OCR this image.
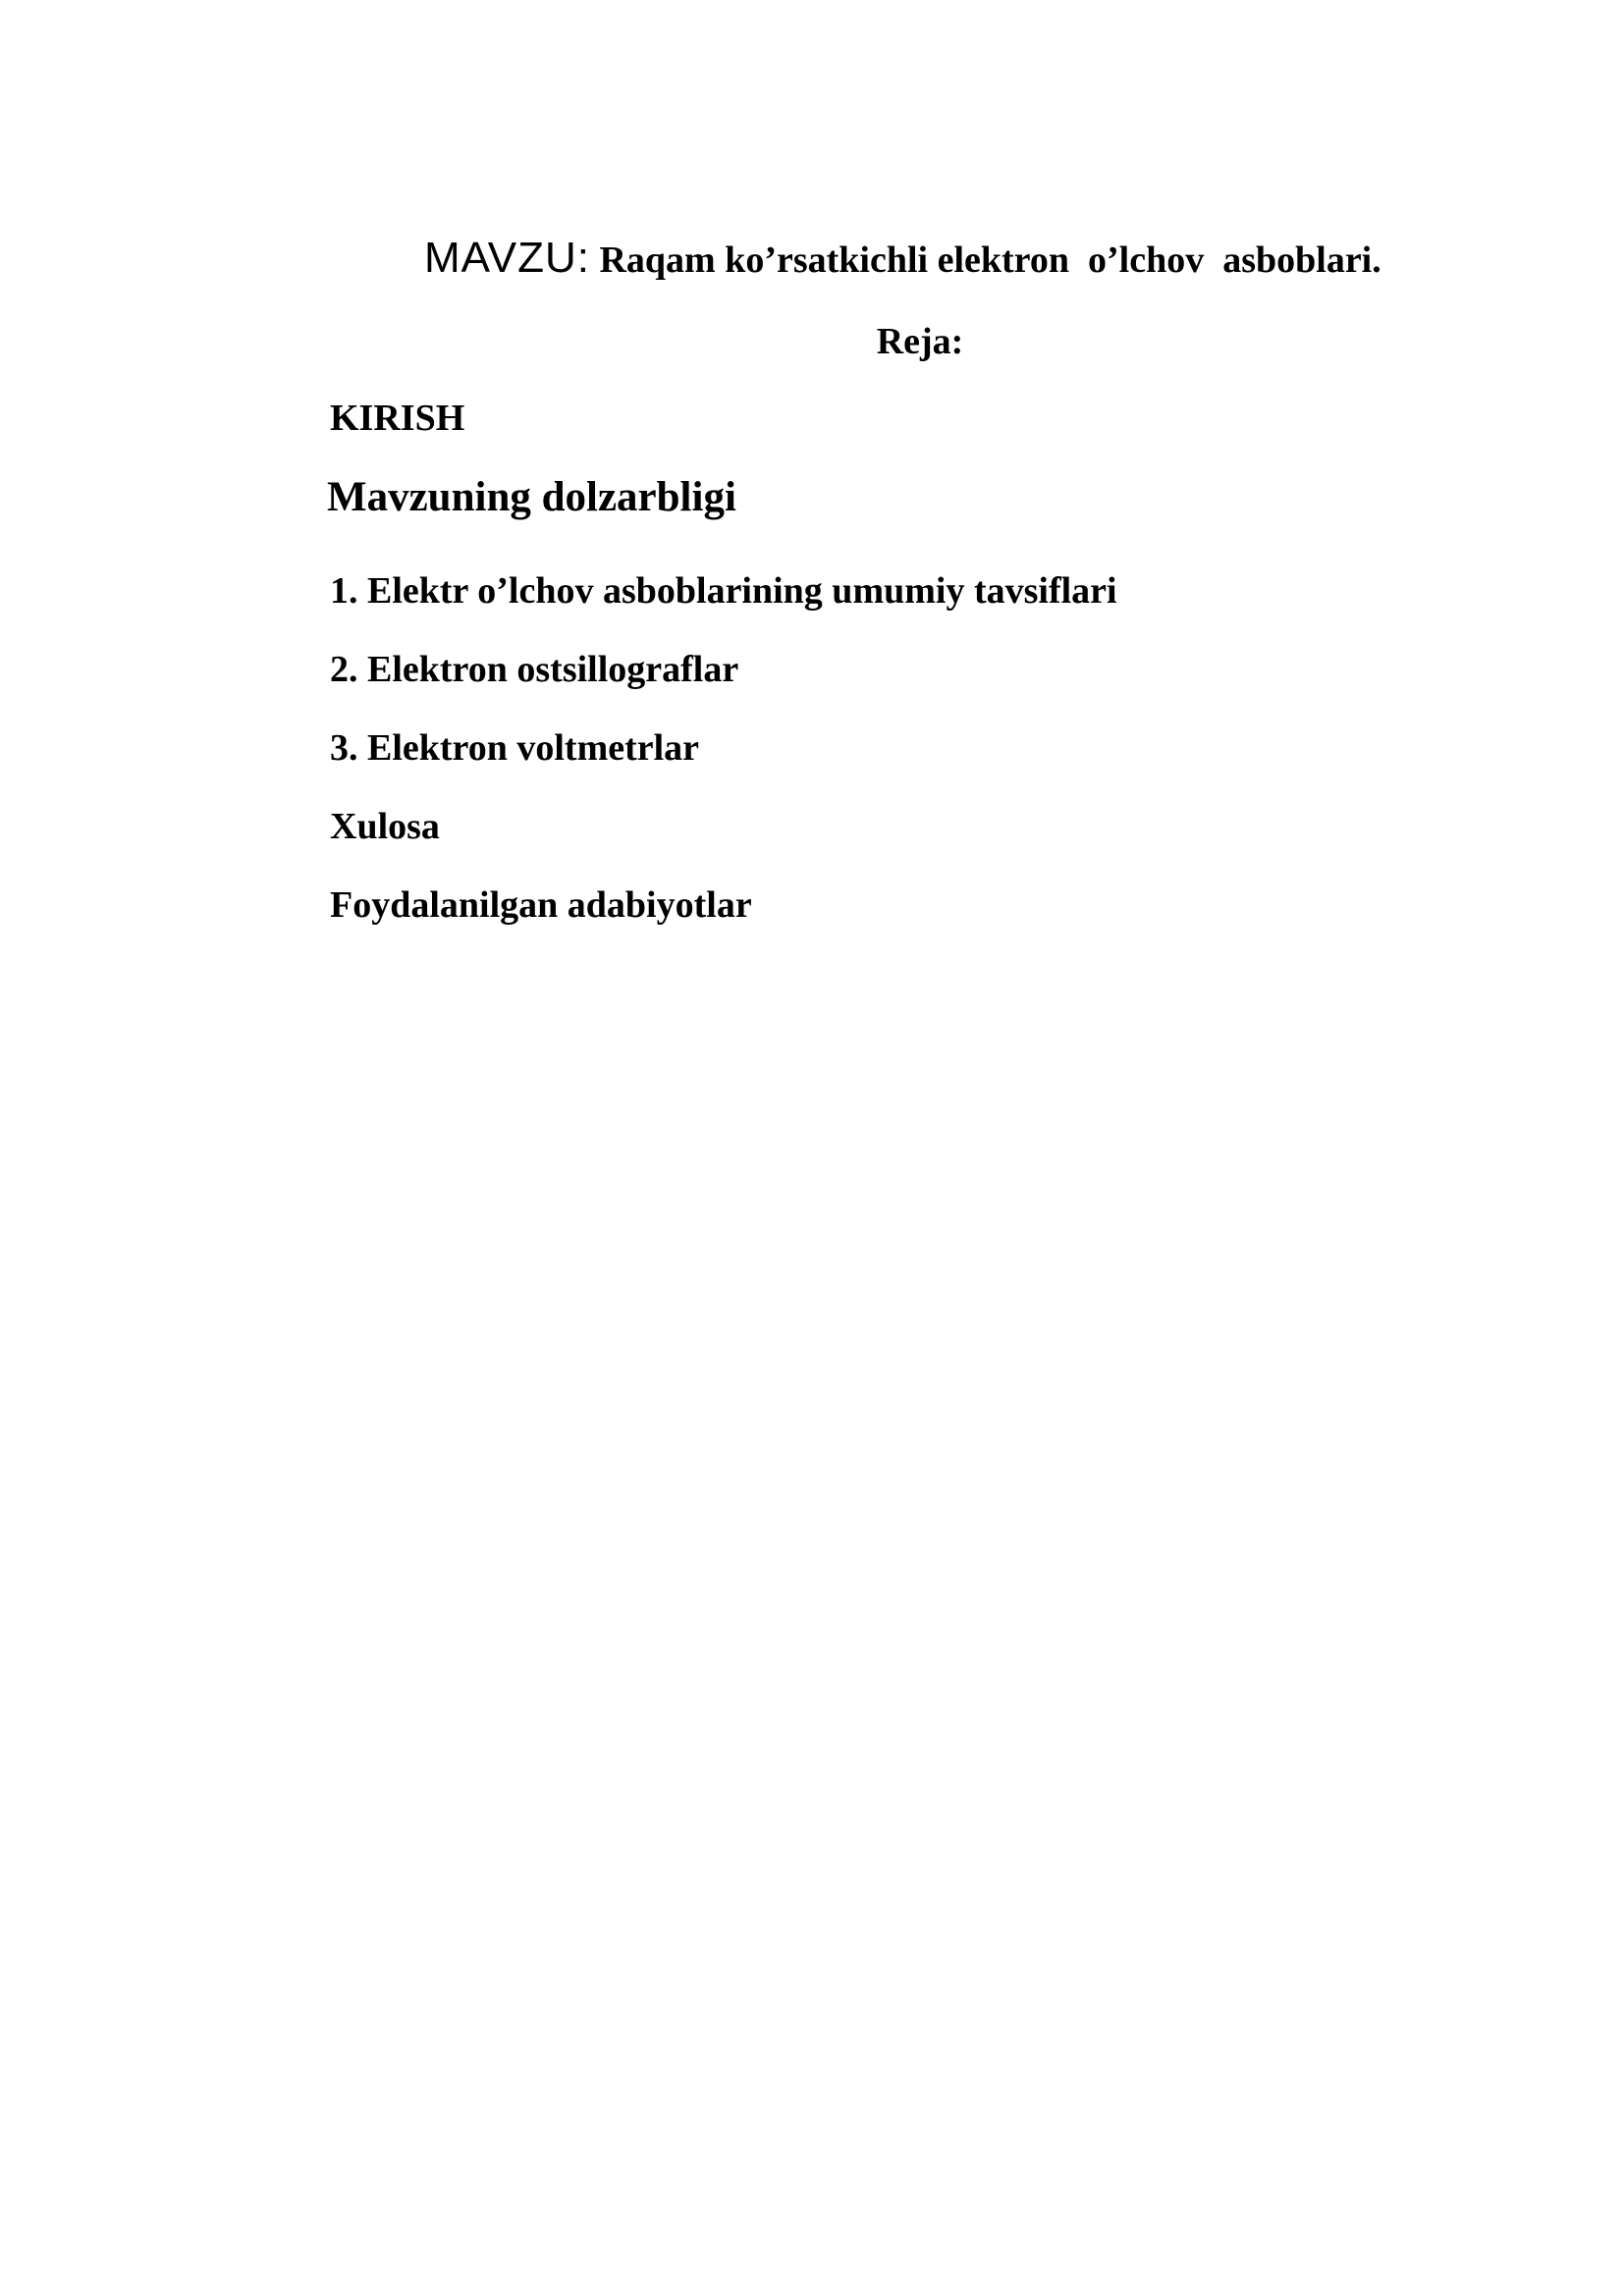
MAVZU: Raqam ko’rsatkichli elektron  o’lchov  asboblari.
Reja:
KIRISH
Mavzuning dolzarbligi
1. Elektr o’lchov asboblarining umumiy tavsiflari
2. Elektron ostsillograflar
3. Elektron voltmetrlar
Xulosa
Foydalanilgan adabiyotlar
